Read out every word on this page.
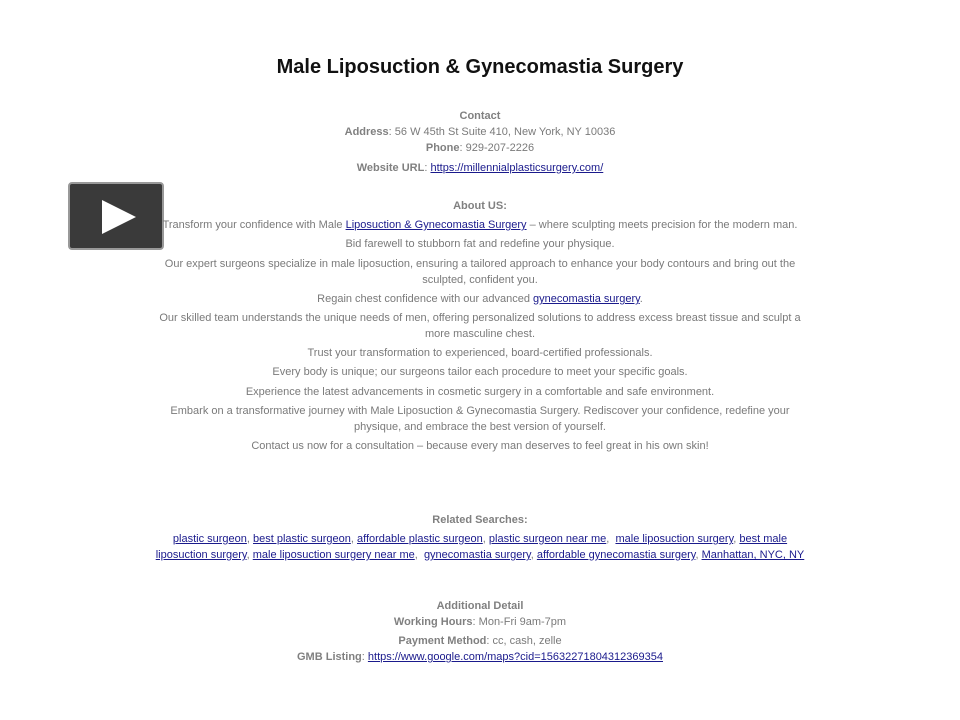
Male Liposuction & Gynecomastia Surgery
Contact
Address: 56 W 45th St Suite 410, New York, NY 10036
Phone: 929-207-2226
Website URL: https://millennialplasticsurgery.com/
About US:
Transform your confidence with Male Liposuction & Gynecomastia Surgery – where sculpting meets precision for the modern man.
Bid farewell to stubborn fat and redefine your physique.
Our expert surgeons specialize in male liposuction, ensuring a tailored approach to enhance your body contours and bring out the sculpted, confident you.
Regain chest confidence with our advanced gynecomastia surgery.
Our skilled team understands the unique needs of men, offering personalized solutions to address excess breast tissue and sculpt a more masculine chest.
Trust your transformation to experienced, board-certified professionals.
Every body is unique; our surgeons tailor each procedure to meet your specific goals.
Experience the latest advancements in cosmetic surgery in a comfortable and safe environment.
Embark on a transformative journey with Male Liposuction & Gynecomastia Surgery. Rediscover your confidence, redefine your physique, and embrace the best version of yourself.
Contact us now for a consultation – because every man deserves to feel great in his own skin!
Related Searches:
plastic surgeon, best plastic surgeon, affordable plastic surgeon, plastic surgeon near me,  male liposuction surgery, best male liposuction surgery, male liposuction surgery near me,  gynecomastia surgery, affordable gynecomastia surgery, Manhattan, NYC, NY
Additional Detail
Working Hours: Mon-Fri 9am-7pm
Payment Method: cc, cash, zelle
GMB Listing: https://www.google.com/maps?cid=15632271804312369354
